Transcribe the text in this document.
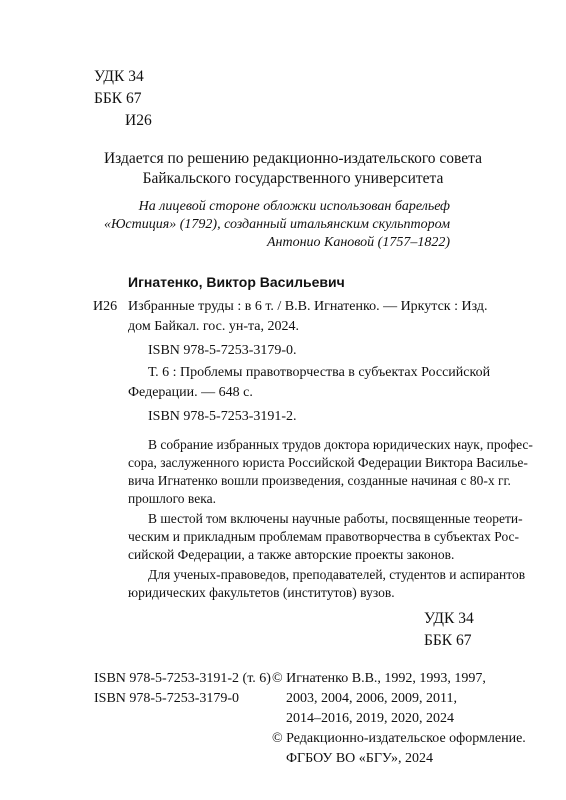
УДК 34
ББК 67
И26
Издается по решению редакционно-издательского совета
Байкальского государственного университета
На лицевой стороне обложки использован барельеф
«Юстиция» (1792), созданный итальянским скульптором
Антонио Кановой (1757–1822)
Игнатенко, Виктор Васильевич
И26 Избранные труды : в 6 т. / В.В. Игнатенко. — Иркутск : Изд.
дом Байкал. гос. ун-та, 2024.
ISBN 978-5-7253-3179-0.
Т. 6 : Проблемы правотворчества в субъектах Российской
Федерации. — 648 с.
ISBN 978-5-7253-3191-2.
В собрание избранных трудов доктора юридических наук, профес-
сора, заслуженного юриста Российской Федерации Виктора Василье-
вича Игнатенко вошли произведения, созданные начиная с 80-х гг.
прошлого века.
В шестой том включены научные работы, посвященные теорети-
ческим и прикладным проблемам правотворчества в субъектах Рос-
сийской Федерации, а также авторские проекты законов.
Для ученых-правоведов, преподавателей, студентов и аспирантов
юридических факультетов (институтов) вузов.
УДК 34
ББК 67
ISBN 978-5-7253-3191-2 (т. 6)
ISBN 978-5-7253-3179-0
© Игнатенко В.В., 1992, 1993, 1997,
2003, 2004, 2006, 2009, 2011,
2014–2016, 2019, 2020, 2024
© Редакционно-издательское оформление.
ФГБОУ ВО «БГУ», 2024
